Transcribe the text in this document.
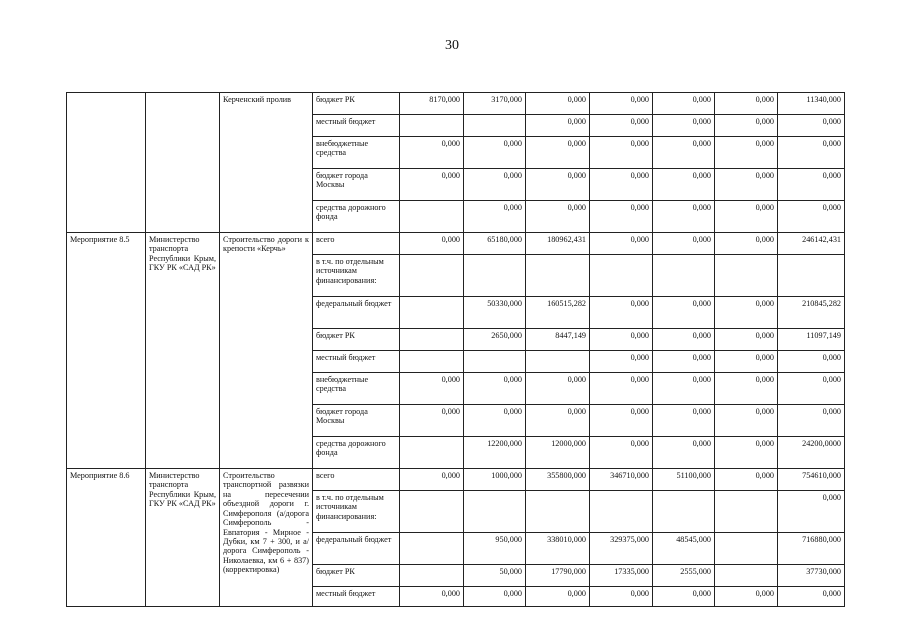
30
		Керченский пролив	бюджет РК	8170,000	3170,000	0,000	0,000	0,000	0,000	11340,000
			местный бюджет			0,000	0,000	0,000	0,000	0,000
			внебюджетные средства	0,000	0,000	0,000	0,000	0,000	0,000	0,000
			бюджет города Москвы	0,000	0,000	0,000	0,000	0,000	0,000	0,000
			средства дорожного фонда		0,000	0,000	0,000	0,000	0,000	0,000
Мероприятие 8.5	Министерство транспорта Республики Крым, ГКУ РК «САД РК»	Строительство дороги к крепости «Керчь»	всего	0,000	65180,000	180962,431	0,000	0,000	0,000	246142,431
			в т.ч. по отдельным источникам финансирования:							
			федеральный бюджет		50330,000	160515,282	0,000	0,000	0,000	210845,282
			бюджет РК		2650,000	8447,149	0,000	0,000	0,000	11097,149
			местный бюджет				0,000	0,000	0,000	0,000
			внебюджетные средства	0,000	0,000	0,000	0,000	0,000	0,000	0,000
			бюджет города Москвы	0,000	0,000	0,000	0,000	0,000	0,000	0,000
			средства дорожного фонда		12200,000	12000,000	0,000	0,000	0,000	24200,0000
Мероприятие 8.6	Министерство транспорта Республики Крым, ГКУ РК «САД РК»	Строительство транспортной развязки на пересечении объездной дороги г. Симферополя (а/дорога Симферополь - Евпатория - Мирное - Дубки, км 7 + 300, и а/дорога Симферополь - Николаевка, км 6 + 837) (корректировка)	всего	0,000	1000,000	355800,000	346710,000	51100,000	0,000	754610,000
			в т.ч. по отдельным источникам финансирования:							0,000
			федеральный бюджет		950,000	338010,000	329375,000	48545,000		716880,000
			бюджет РК		50,000	17790,000	17335,000	2555,000		37730,000
			местный бюджет	0,000	0,000	0,000	0,000	0,000	0,000	0,000
